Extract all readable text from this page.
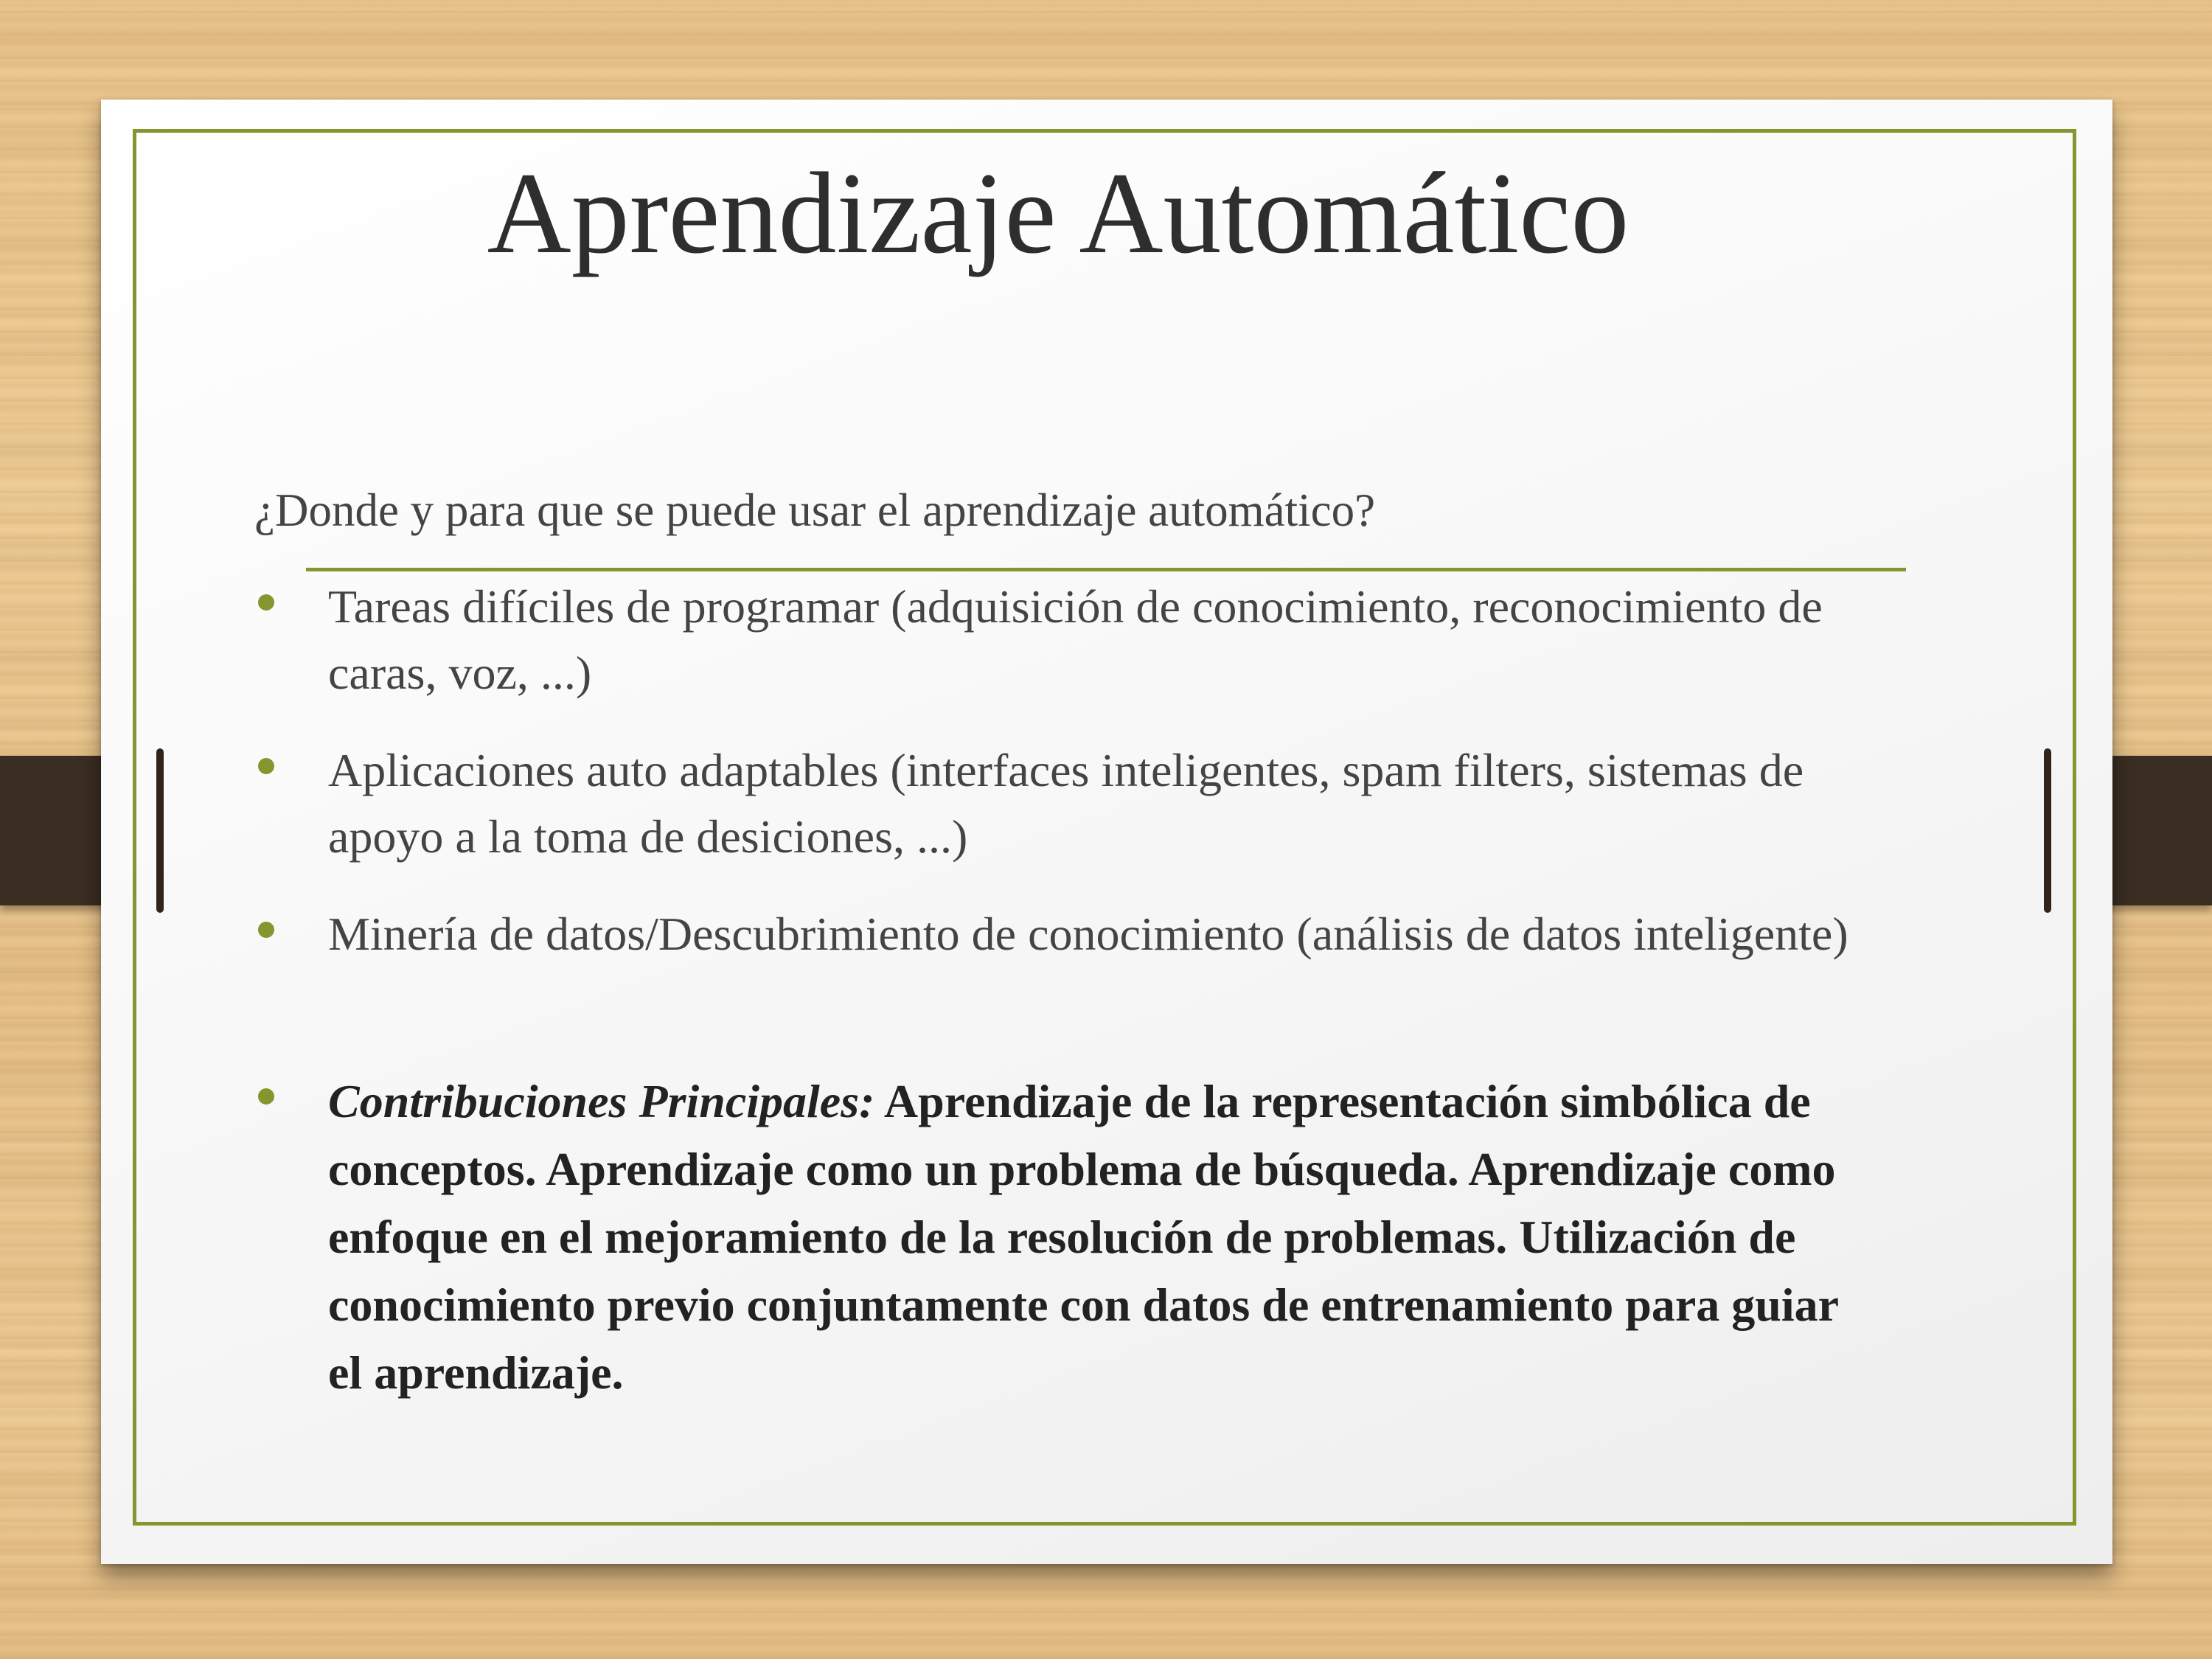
Aprendizaje Automático
¿Donde y para que se puede usar el aprendizaje automático?
Tareas difíciles de programar (adquisición de conocimiento, reconocimiento de caras, voz, ...)
Aplicaciones auto adaptables (interfaces inteligentes, spam filters, sistemas de apoyo a la toma de desiciones, ...)
Minería de datos/Descubrimiento de conocimiento (análisis de datos inteligente)
Contribuciones Principales: Aprendizaje de la representación simbólica de conceptos. Aprendizaje como un problema de búsqueda. Aprendizaje como enfoque en el mejoramiento de la resolución de problemas. Utilización de conocimiento previo conjuntamente con datos de entrenamiento para guiar el aprendizaje.
